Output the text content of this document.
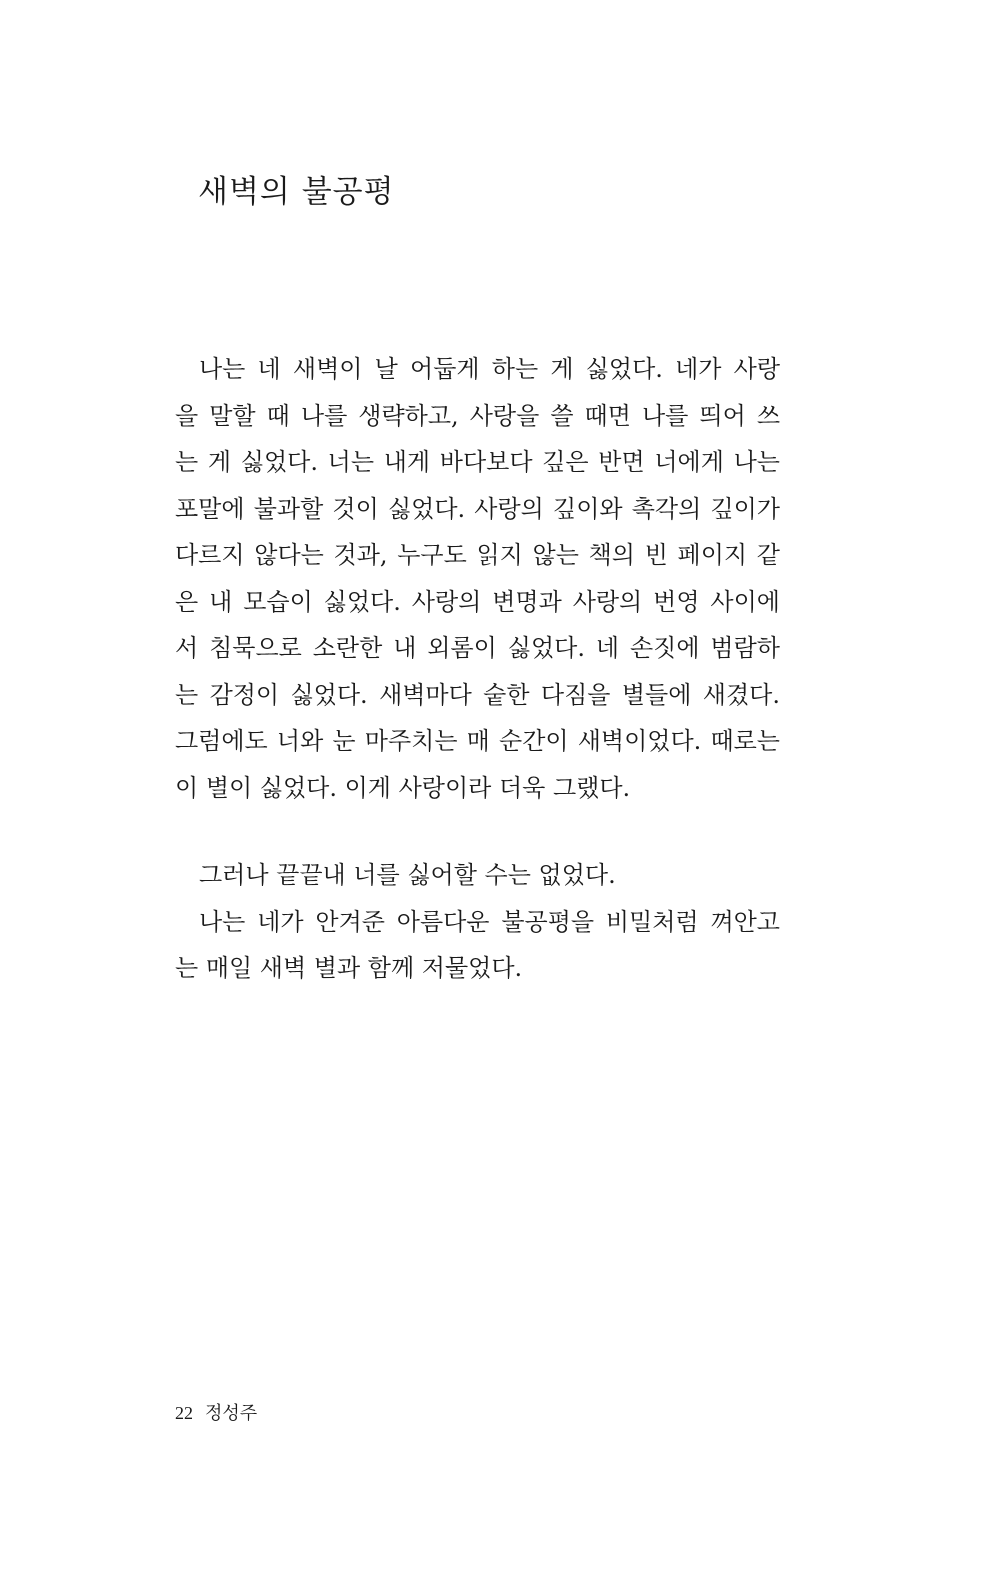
새벽의 불공평
나는 네 새벽이 날 어둡게 하는 게 싫었다. 네가 사랑
을 말할 때 나를 생략하고, 사랑을 쓸 때면 나를 띄어 쓰
는 게 싫었다. 너는 내게 바다보다 깊은 반면 너에게 나는
포말에 불과할 것이 싫었다. 사랑의 깊이와 촉각의 깊이가
다르지 않다는 것과, 누구도 읽지 않는 책의 빈 페이지 같
은 내 모습이 싫었다. 사랑의 변명과 사랑의 번영 사이에
서 침묵으로 소란한 내 외롬이 싫었다. 네 손짓에 범람하
는 감정이 싫었다. 새벽마다 숱한 다짐을 별들에 새겼다.
그럼에도 너와 눈 마주치는 매 순간이 새벽이었다. 때로는
이 별이 싫었다. 이게 사랑이라 더욱 그랬다.
그러나 끝끝내 너를 싫어할 수는 없었다.
나는 네가 안겨준 아름다운 불공평을 비밀처럼 껴안고
는 매일 새벽 별과 함께 저물었다.
22 정성주
